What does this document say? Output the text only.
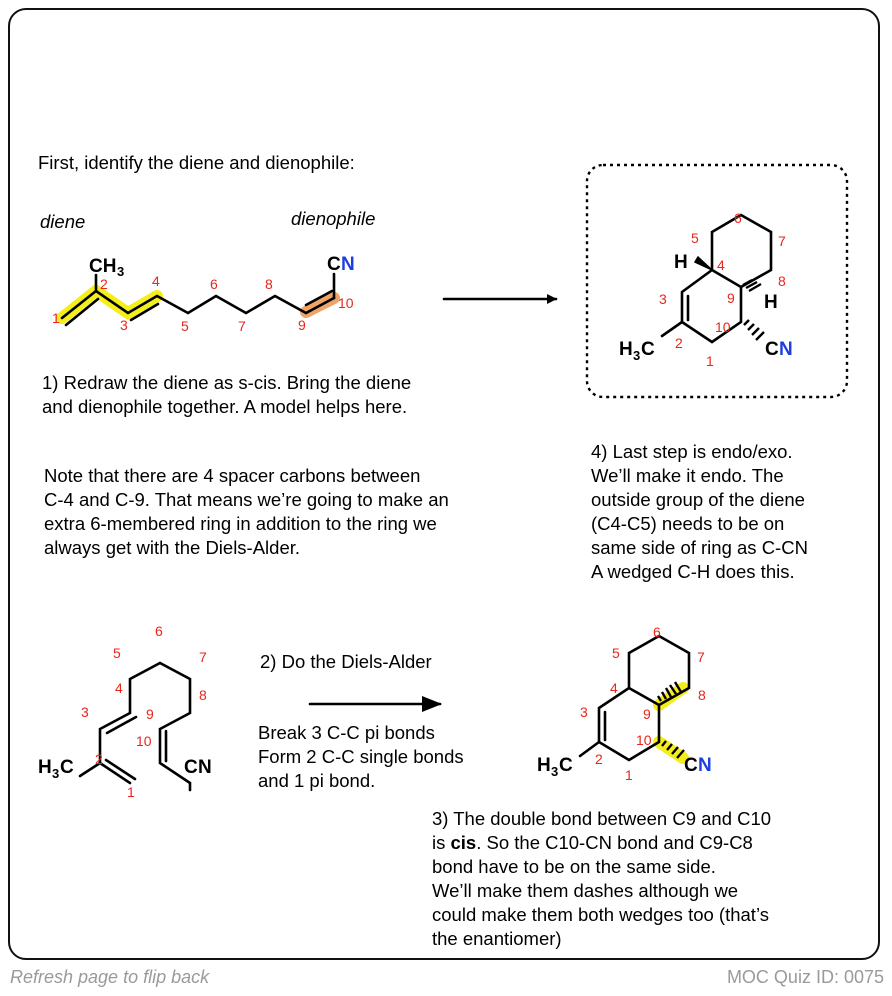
First, identify the diene and dienophile:
diene	dienophile
1) Redraw the diene as s-cis. Bring the diene
and dienophile together. A model helps here.
Note that there are 4 spacer carbons between
C-4 and C-9. That means we’re going to make an
extra 6-membered ring in addition to the ring we
always get with the Diels-Alder.
4) Last step is endo/exo.
We’ll make it endo. The
outside group of the diene
(C4-C5) needs to be on
same side of ring as C-CN
A wedged C-H does this.
2) Do the Diels-Alder
Break 3 C-C pi bonds
Form 2 C-C single bonds
and 1 pi bond.
3) The double bond between C9 and C10
is cis. So the C10-CN bond and C9-C8
bond have to be on the same side.
We’ll make them dashes although we
could make them both wedges too (that’s
the enantiomer)
Refresh page to flip back	MOC Quiz ID: 0075
CH 3	C N
1
2
3
4
5
6
7
8
9
10
H
H
H 3 C	C N
1
2
3
4
5
6
7
8
9
10
H 3 C	C N
1
2
3
4
5
6
7
8
9
10
H 3 C	C N
1
2
3
4
5
6
7
8
9
10
